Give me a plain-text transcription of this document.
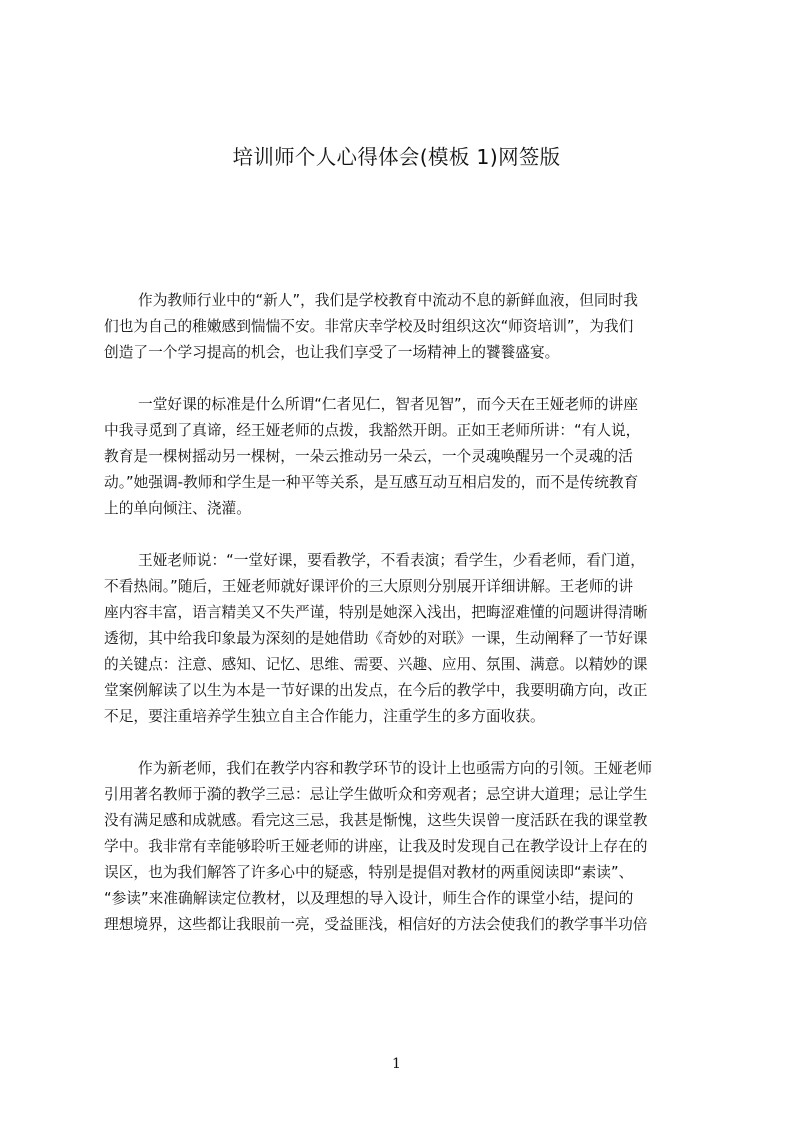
培训师个人心得体会(模板 1)网签版
作为教师行业中的“新人”，我们是学校教育中流动不息的新鲜血液，但同时我
们也为自己的稚嫩感到惴惴不安。非常庆幸学校及时组织这次“师资培训”，为我们
创造了一个学习提高的机会，也让我们享受了一场精神上的饕餮盛宴。
一堂好课的标准是什么所谓“仁者见仁，智者见智”，而今天在王娅老师的讲座
中我寻觅到了真谛，经王娅老师的点拨，我豁然开朗。正如王老师所讲：“有人说，
教育是一棵树摇动另一棵树，一朵云推动另一朵云，一个灵魂唤醒另一个灵魂的活
动。”她强调-教师和学生是一种平等关系，是互感互动互相启发的，而不是传统教育
上的单向倾注、浇灌。
王娅老师说：“一堂好课，要看教学，不看表演；看学生，少看老师，看门道，
不看热闹。”随后，王娅老师就好课评价的三大原则分别展开详细讲解。王老师的讲
座内容丰富，语言精美又不失严谨，特别是她深入浅出，把晦涩难懂的问题讲得清晰
透彻，其中给我印象最为深刻的是她借助《奇妙的对联》一课，生动阐释了一节好课
的关键点：注意、感知、记忆、思维、需要、兴趣、应用、氛围、满意。以精妙的课
堂案例解读了以生为本是一节好课的出发点，在今后的教学中，我要明确方向，改正
不足，要注重培养学生独立自主合作能力，注重学生的多方面收获。
作为新老师，我们在教学内容和教学环节的设计上也亟需方向的引领。王娅老师
引用著名教师于漪的教学三忌：忌让学生做听众和旁观者；忌空讲大道理；忌让学生
没有满足感和成就感。看完这三忌，我甚是惭愧，这些失误曾一度活跃在我的课堂教
学中。我非常有幸能够聆听王娅老师的讲座，让我及时发现自己在教学设计上存在的
误区，也为我们解答了许多心中的疑惑，特别是提倡对教材的两重阅读即“素读”、
“参读”来准确解读定位教材，以及理想的导入设计，师生合作的课堂小结，提问的
理想境界，这些都让我眼前一亮，受益匪浅，相信好的方法会使我们的教学事半功倍
1
